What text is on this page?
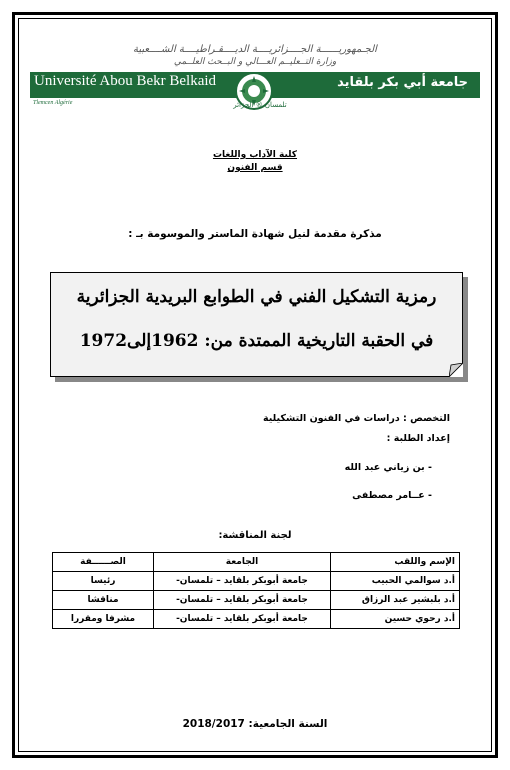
الجـمهوريــــــة الجــــزائريــــة الديــــقـراطيــــة الشــــعبية
وزارة التــعليــم العـــالي و البــحث العلــمي
Université Abou Bekr Belkaid	جامعة أبي بكر بلقايد
Tlemcen Algérie	تلمسان ® الجزائر
كلية الآداب واللغات
قسم الفنون
مذكرة مقدمة لنيل شهادة الماستر والموسومة بـ :
رمزية التشكيل الفني في الطوابع البريدية الجزائرية
في الحقبة التاريخية الممتدة من: 1962إلى1972
التخصص : دراسات في الفنون التشكيلية
إعداد الطلبة :
- بن زياني عبد الله
- عــامر مصطفى
لجنة المناقشة:
الإسم واللقب	الجامعة	الصــــــفة
أ.د سوالمي الحبيب	جامعة أبوبكر بلقايد – تلمسان-	رئيسا
أ.د بلبشير عبد الرزاق	جامعة أبوبكر بلقايد – تلمسان-	مناقشا
أ.د رحوي حسين	جامعة أبوبكر بلقايد – تلمسان-	مشرفا ومقررا
السنة الجامعية: 2018/2017
